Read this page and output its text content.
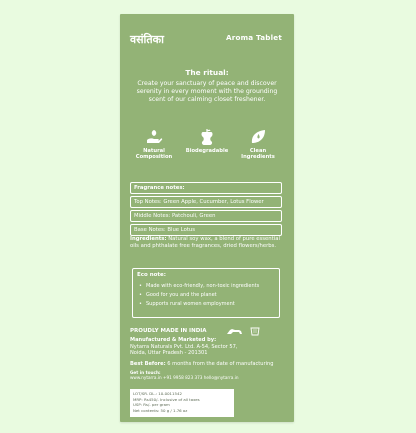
वसंतिका	Aroma Tablet
The ritual:
Create your sanctuary of peace and discover serenity in every moment with the grounding scent of our calming closet freshener.
Natural
Composition
Biodegradable	Clean
Ingredients
Fragrance notes:
Top Notes: Green Apple, Cucumber, Lotus Flower
Middle Notes: Patchouli, Green
Base Notes: Blue Lotus
Ingredients: Natural soy wax, a blend of pure essential oils and phthalate free fragrances, dried flowers/herbs.
Eco note:
• Made with eco-friendly, non-toxic ingredients
• Good for you and the planet
• Supports rural women employment
PROUDLY MADE IN INDIA
Manufactured & Marketed by:
Nytarra Naturals Pvt. Ltd. A-54, Sector 57,
Noida, Uttar Pradesh - 201301
Best Before: 6 months from the date of manufacturing
Get in touch:
www.nytarra.in +91 9958 823 373 hello@nytarra.in
LOT/SR. DL.: 10-0011542
MRP: Rs450/- Inclusive of all taxes
USP: Rs/- per gram
Net contents: 50 g / 1.76 oz
